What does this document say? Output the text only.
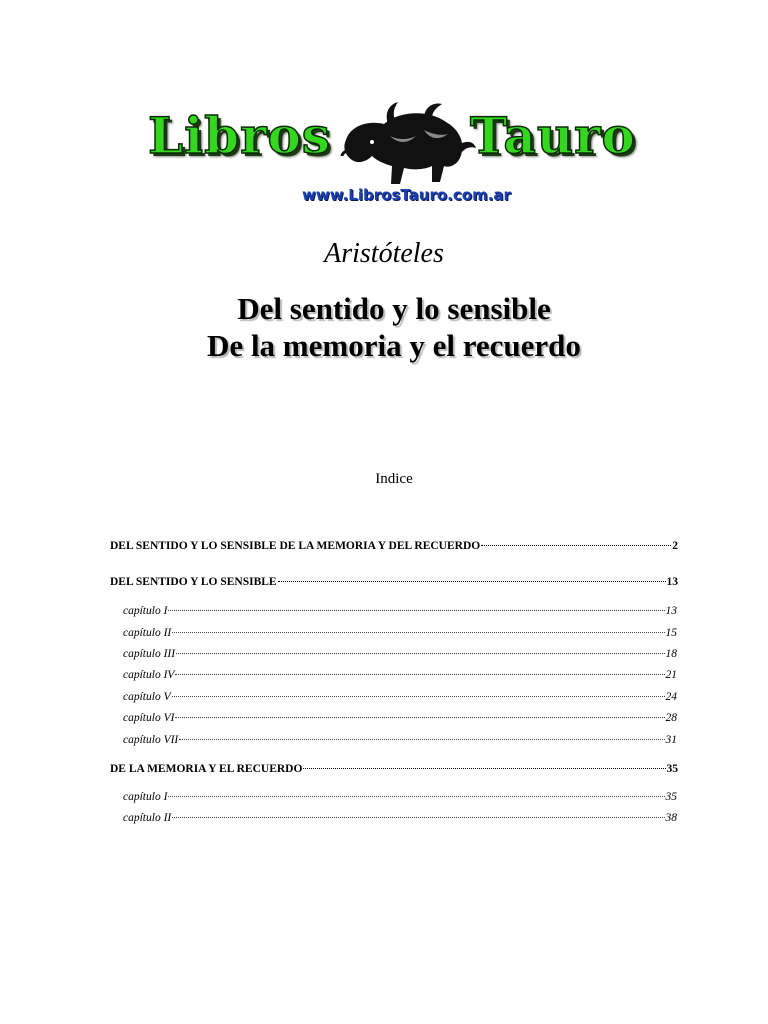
Libros	Tauro
www.LibrosTauro.com.ar
Aristóteles
Del sentido y lo sensible
De la memoria y el recuerdo
Indice
DEL SENTIDO Y LO SENSIBLE DE LA MEMORIA Y DEL RECUERDO	2
DEL SENTIDO Y LO SENSIBLE	13
capítulo I	13
capítulo II	15
capítulo III	18
capítulo IV	21
capítulo V	24
capítulo VI	28
capítulo VII	31
DE LA MEMORIA Y EL RECUERDO	35
capítulo I	35
capítulo II	38
